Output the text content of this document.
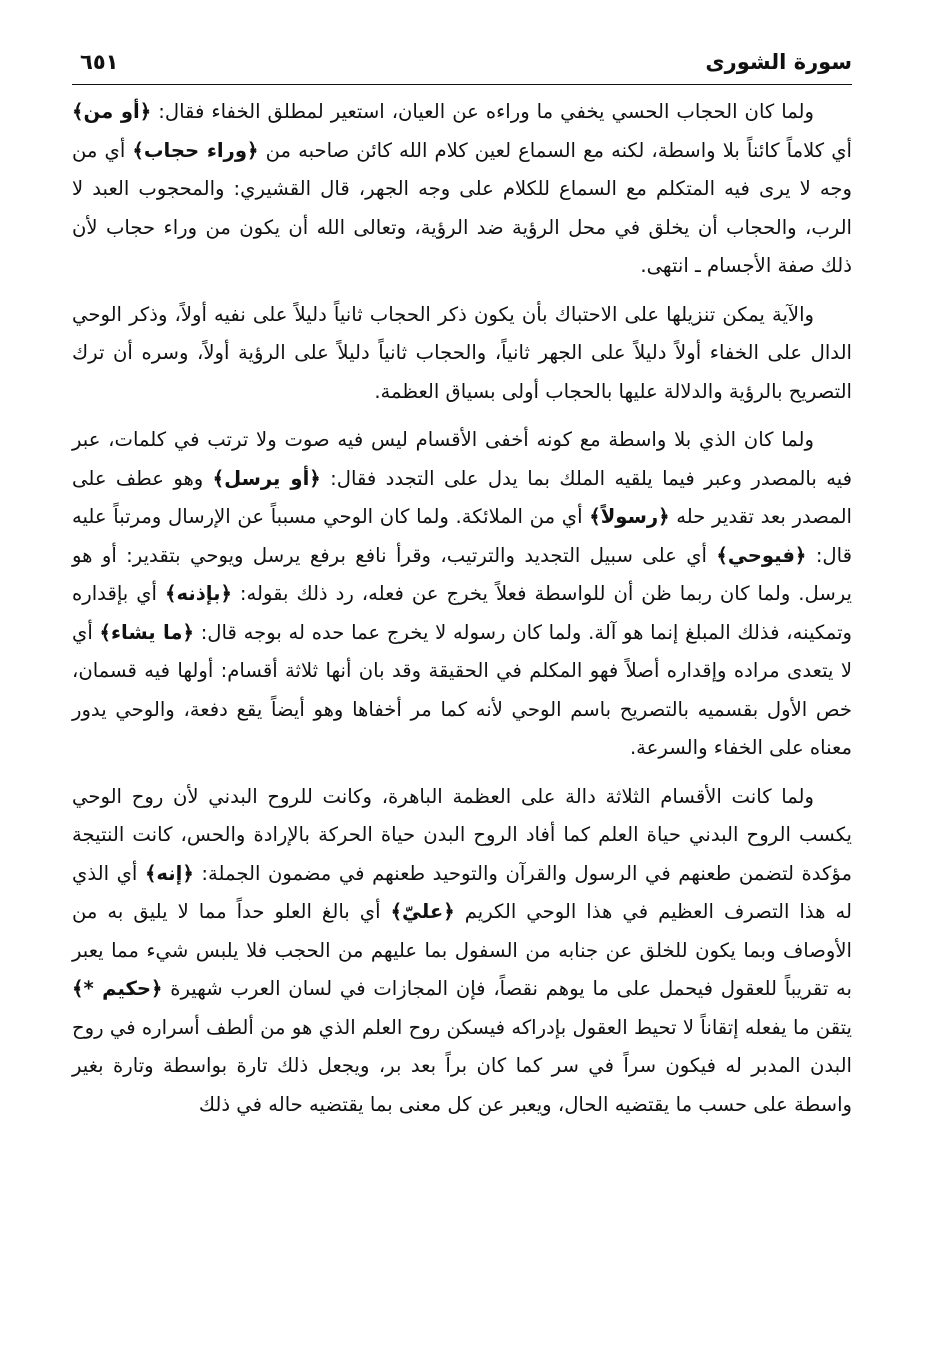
سورة الشورى
٦٥١

ولما كان الحجاب الحسي يخفي ما وراءه عن العيان، استعير لمطلق الخفاء فقال: ﴿أو من﴾ أي كلاماً كائناً بلا واسطة، لكنه مع السماع لعين كلام الله كائن صاحبه من ﴿وراء حجاب﴾ أي من وجه لا يرى فيه المتكلم مع السماع للكلام على وجه الجهر، قال القشيري: والمحجوب العبد لا الرب، والحجاب أن يخلق في محل الرؤية ضد الرؤية، وتعالى الله أن يكون من وراء حجاب لأن ذلك صفة الأجسام ـ انتهى.

والآية يمكن تنزيلها على الاحتباك بأن يكون ذكر الحجاب ثانياً دليلاً على نفيه أولاً، وذكر الوحي الدال على الخفاء أولاً دليلاً على الجهر ثانياً، والحجاب ثانياً دليلاً على الرؤية أولاً، وسره أن ترك التصريح بالرؤية والدلالة عليها بالحجاب أولى بسياق العظمة.

ولما كان الذي بلا واسطة مع كونه أخفى الأقسام ليس فيه صوت ولا ترتب في كلمات، عبر فيه بالمصدر وعبر فيما يلقيه الملك بما يدل على التجدد فقال: ﴿أو يرسل﴾ وهو عطف على المصدر بعد تقدير حله ﴿رسولاً﴾ أي من الملائكة. ولما كان الوحي مسبباً عن الإرسال ومرتباً عليه قال: ﴿فيوحي﴾ أي على سبيل التجديد والترتيب، وقرأ نافع برفع يرسل ويوحي بتقدير: أو هو يرسل. ولما كان ربما ظن أن للواسطة فعلاً يخرج عن فعله، رد ذلك بقوله: ﴿بإذنه﴾ أي بإقداره وتمكينه، فذلك المبلغ إنما هو آلة. ولما كان رسوله لا يخرج عما حده له بوجه قال: ﴿ما يشاء﴾ أي لا يتعدى مراده وإقداره أصلاً فهو المكلم في الحقيقة وقد بان أنها ثلاثة أقسام: أولها فيه قسمان، خص الأول بقسميه بالتصريح باسم الوحي لأنه كما مر أخفاها وهو أيضاً يقع دفعة، والوحي يدور معناه على الخفاء والسرعة.

ولما كانت الأقسام الثلاثة دالة على العظمة الباهرة، وكانت للروح البدني لأن روح الوحي يكسب الروح البدني حياة العلم كما أفاد الروح البدن حياة الحركة بالإرادة والحس، كانت النتيجة مؤكدة لتضمن طعنهم في الرسول والقرآن والتوحيد طعنهم في مضمون الجملة: ﴿إنه﴾ أي الذي له هذا التصرف العظيم في هذا الوحي الكريم ﴿عليّ﴾ أي بالغ العلو حداً مما لا يليق به من الأوصاف وبما يكون للخلق عن جنابه من السفول بما عليهم من الحجب فلا يلبس شيء مما يعبر به تقريباً للعقول فيحمل على ما يوهم نقصاً، فإن المجازات في لسان العرب شهيرة ﴿حكيم *﴾ يتقن ما يفعله إتقاناً لا تحيط العقول بإدراكه فيسكن روح العلم الذي هو من ألطف أسراره في روح البدن المدبر له فيكون سراً في سر كما كان براً بعد بر، ويجعل ذلك تارة بواسطة وتارة بغير واسطة على حسب ما يقتضيه الحال، ويعبر عن كل معنى بما يقتضيه حاله في ذلك
